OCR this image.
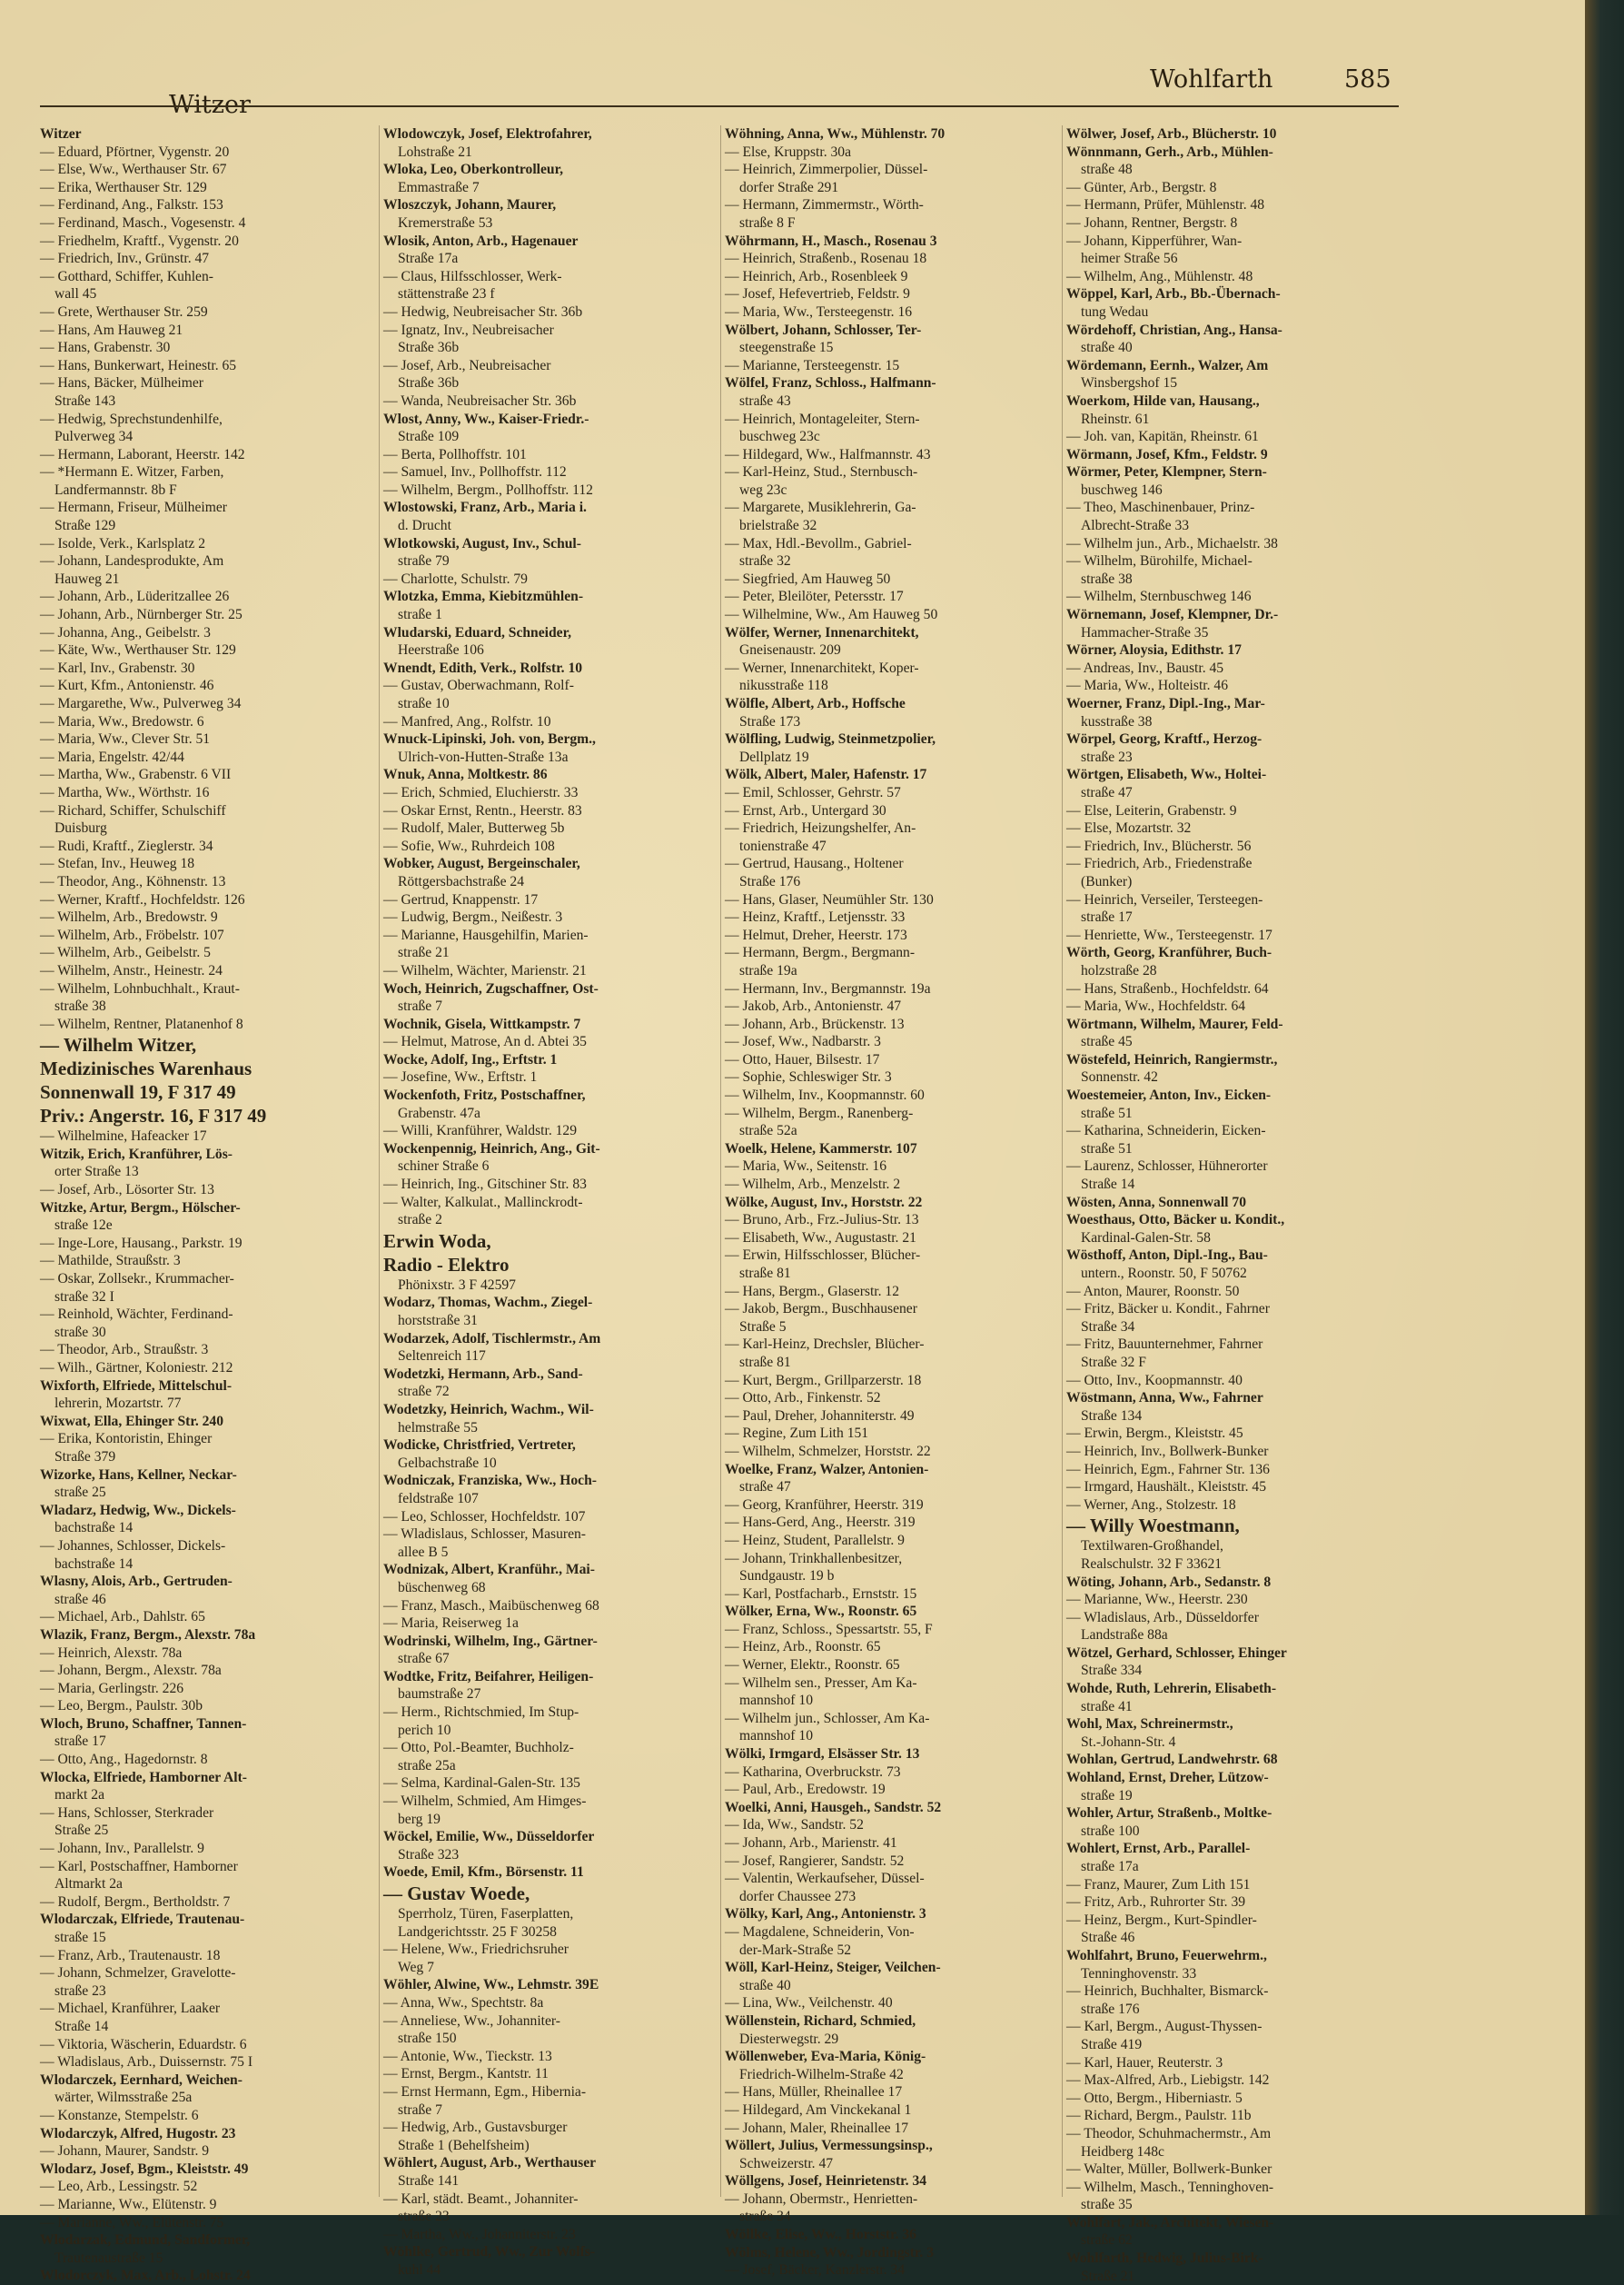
Witzer
Wohlfarth	585
Witzer
— Eduard, Pförtner, Vygenstr. 20
— Else, Ww., Werthauser Str. 67
— Erika, Werthauser Str. 129
— Ferdinand, Ang., Falkstr. 153
— Ferdinand, Masch., Vogesenstr. 4
— Friedhelm, Kraftf., Vygenstr. 20
— Friedrich, Inv., Grünstr. 47
— Gotthard, Schiffer, Kuhlen-
wall 45
— Grete, Werthauser Str. 259
— Hans, Am Hauweg 21
— Hans, Grabenstr. 30
— Hans, Bunkerwart, Heinestr. 65
— Hans, Bäcker, Mülheimer
Straße 143
— Hedwig, Sprechstundenhilfe,
Pulverweg 34
— Hermann, Laborant, Heerstr. 142
— *Hermann E. Witzer, Farben,
Landfermannstr. 8b F
— Hermann, Friseur, Mülheimer
Straße 129
— Isolde, Verk., Karlsplatz 2
— Johann, Landesprodukte, Am
Hauweg 21
— Johann, Arb., Lüderitzallee 26
— Johann, Arb., Nürnberger Str. 25
— Johanna, Ang., Geibelstr. 3
— Käte, Ww., Werthauser Str. 129
— Karl, Inv., Grabenstr. 30
— Kurt, Kfm., Antonienstr. 46
— Margarethe, Ww., Pulverweg 34
— Maria, Ww., Bredowstr. 6
— Maria, Ww., Clever Str. 51
— Maria, Engelstr. 42/44
— Martha, Ww., Grabenstr. 6 VII
— Martha, Ww., Wörthstr. 16
— Richard, Schiffer, Schulschiff
Duisburg
— Rudi, Kraftf., Zieglerstr. 34
— Stefan, Inv., Heuweg 18
— Theodor, Ang., Köhnenstr. 13
— Werner, Kraftf., Hochfeldstr. 126
— Wilhelm, Arb., Bredowstr. 9
— Wilhelm, Arb., Fröbelstr. 107
— Wilhelm, Arb., Geibelstr. 5
— Wilhelm, Anstr., Heinestr. 24
— Wilhelm, Lohnbuchhalt., Kraut-
straße 38
— Wilhelm, Rentner, Platanenhof 8
— Wilhelm Witzer,
Medizinisches Warenhaus
Sonnenwall 19, F 317 49
Priv.: Angerstr. 16, F 317 49
— Wilhelmine, Hafeacker 17
Witzik, Erich, Kranführer, Lös-
orter Straße 13
— Josef, Arb., Lösorter Str. 13
Witzke, Artur, Bergm., Hölscher-
straße 12e
— Inge-Lore, Hausang., Parkstr. 19
— Mathilde, Straußstr. 3
— Oskar, Zollsekr., Krummacher-
straße 32 I
— Reinhold, Wächter, Ferdinand-
straße 30
— Theodor, Arb., Straußstr. 3
— Wilh., Gärtner, Koloniestr. 212
Wixforth, Elfriede, Mittelschul-
lehrerin, Mozartstr. 77
Wixwat, Ella, Ehinger Str. 240
— Erika, Kontoristin, Ehinger
Straße 379
Wizorke, Hans, Kellner, Neckar-
straße 25
Wladarz, Hedwig, Ww., Dickels-
bachstraße 14
— Johannes, Schlosser, Dickels-
bachstraße 14
Wlasny, Alois, Arb., Gertruden-
straße 46
— Michael, Arb., Dahlstr. 65
Wlazik, Franz, Bergm., Alexstr. 78a
— Heinrich, Alexstr. 78a
— Johann, Bergm., Alexstr. 78a
— Maria, Gerlingstr. 226
— Leo, Bergm., Paulstr. 30b
Wloch, Bruno, Schaffner, Tannen-
straße 17
— Otto, Ang., Hagedornstr. 8
Wlocka, Elfriede, Hamborner Alt-
markt 2a
— Hans, Schlosser, Sterkrader
Straße 25
— Johann, Inv., Parallelstr. 9
— Karl, Postschaffner, Hamborner
Altmarkt 2a
— Rudolf, Bergm., Bertholdstr. 7
Wlodarczak, Elfriede, Trautenau-
straße 15
— Franz, Arb., Trautenaustr. 18
— Johann, Schmelzer, Gravelotte-
straße 23
— Michael, Kranführer, Laaker
Straße 14
— Viktoria, Wäscherin, Eduardstr. 6
— Wladislaus, Arb., Duissernstr. 75 I
Wlodarczek, Eernhard, Weichen-
wärter, Wilmsstraße 25a
— Konstanze, Stempelstr. 6
Wlodarczyk, Alfred, Hugostr. 23
— Johann, Maurer, Sandstr. 9
Wlodarz, Josef, Bgm., Kleiststr. 49
— Leo, Arb., Lessingstr. 52
— Marianne, Ww., Elütenstr. 9
— Marianne, Ww., Elütenstr. 75
Wlodarzak, Edmund, Sandformer,
Trautenaustraße 15
Wlodorczyk, Max, Arb., Lohstr. 24
Wlodowczyk, Josef, Elektrofahrer,
Lohstraße 21
Wloka, Leo, Oberkontrolleur,
Emmastraße 7
Wloszczyk, Johann, Maurer,
Kremerstraße 53
Wlosik, Anton, Arb., Hagenauer
Straße 17a
— Claus, Hilfsschlosser, Werk-
stättenstraße 23 f
— Hedwig, Neubreisacher Str. 36b
— Ignatz, Inv., Neubreisacher
Straße 36b
— Josef, Arb., Neubreisacher
Straße 36b
— Wanda, Neubreisacher Str. 36b
Wlost, Anny, Ww., Kaiser-Friedr.-
Straße 109
— Berta, Pollhoffstr. 101
— Samuel, Inv., Pollhoffstr. 112
— Wilhelm, Bergm., Pollhoffstr. 112
Wlostowski, Franz, Arb., Maria i.
d. Drucht
Wlotkowski, August, Inv., Schul-
straße 79
— Charlotte, Schulstr. 79
Wlotzka, Emma, Kiebitzmühlen-
straße 1
Wludarski, Eduard, Schneider,
Heerstraße 106
Wnendt, Edith, Verk., Rolfstr. 10
— Gustav, Oberwachmann, Rolf-
straße 10
— Manfred, Ang., Rolfstr. 10
Wnuck-Lipinski, Joh. von, Bergm.,
Ulrich-von-Hutten-Straße 13a
Wnuk, Anna, Moltkestr. 86
— Erich, Schmied, Eluchierstr. 33
— Oskar Ernst, Rentn., Heerstr. 83
— Rudolf, Maler, Butterweg 5b
— Sofie, Ww., Ruhrdeich 108
Wobker, August, Bergeinschaler,
Röttgersbachstraße 24
— Gertrud, Knappenstr. 17
— Ludwig, Bergm., Neißestr. 3
— Marianne, Hausgehilfin, Marien-
straße 21
— Wilhelm, Wächter, Marienstr. 21
Woch, Heinrich, Zugschaffner, Ost-
straße 7
Wochnik, Gisela, Wittkampstr. 7
— Helmut, Matrose, An d. Abtei 35
Wocke, Adolf, Ing., Erftstr. 1
— Josefine, Ww., Erftstr. 1
Wockenfoth, Fritz, Postschaffner,
Grabenstr. 47a
— Willi, Kranführer, Waldstr. 129
Wockenpennig, Heinrich, Ang., Git-
schiner Straße 6
— Heinrich, Ing., Gitschiner Str. 83
— Walter, Kalkulat., Mallinckrodt-
straße 2
Erwin Woda,
Radio - Elektro
Phönixstr. 3 F 42597
Wodarz, Thomas, Wachm., Ziegel-
horststraße 31
Wodarzek, Adolf, Tischlermstr., Am
Seltenreich 117
Wodetzki, Hermann, Arb., Sand-
straße 72
Wodetzky, Heinrich, Wachm., Wil-
helmstraße 55
Wodicke, Christfried, Vertreter,
Gelbachstraße 10
Wodniczak, Franziska, Ww., Hoch-
feldstraße 107
— Leo, Schlosser, Hochfeldstr. 107
— Wladislaus, Schlosser, Masuren-
allee B 5
Wodnizak, Albert, Kranführ., Mai-
büschenweg 68
— Franz, Masch., Maibüschenweg 68
— Maria, Reiserweg 1a
Wodrinski, Wilhelm, Ing., Gärtner-
straße 67
Wodtke, Fritz, Beifahrer, Heiligen-
baumstraße 27
— Herm., Richtschmied, Im Stup-
perich 10
— Otto, Pol.-Beamter, Buchholz-
straße 25a
— Selma, Kardinal-Galen-Str. 135
— Wilhelm, Schmied, Am Himges-
berg 19
Wöckel, Emilie, Ww., Düsseldorfer
Straße 323
Woede, Emil, Kfm., Börsenstr. 11
— Gustav Woede,
Sperrholz, Türen, Faserplatten,
Landgerichtsstr. 25 F 30258
— Helene, Ww., Friedrichsruher
Weg 7
Wöhler, Alwine, Ww., Lehmstr. 39E
— Anna, Ww., Spechtstr. 8a
— Anneliese, Ww., Johanniter-
straße 150
— Antonie, Ww., Tieckstr. 13
— Ernst, Bergm., Kantstr. 11
— Ernst Hermann, Egm., Hibernia-
straße 7
— Hedwig, Arb., Gustavsburger
Straße 1 (Behelfsheim)
Wöhlert, August, Arb., Werthauser
Straße 141
— Karl, städt. Beamt., Johanniter-
straße 23
— Martha, Ww., Johanniterstr. 23
Wöhlke, Gertrud, Ww., Zur Wolfs-
kuhl 44
Wöhning, Anna, Ww., Mühlenstr. 70
— Else, Kruppstr. 30a
— Heinrich, Zimmerpolier, Düssel-
dorfer Straße 291
— Hermann, Zimmermstr., Wörth-
straße 8 F
Wöhrmann, H., Masch., Rosenau 3
— Heinrich, Straßenb., Rosenau 18
— Heinrich, Arb., Rosenbleek 9
— Josef, Hefevertrieb, Feldstr. 9
— Maria, Ww., Tersteegenstr. 16
Wölbert, Johann, Schlosser, Ter-
steegenstraße 15
— Marianne, Tersteegenstr. 15
Wölfel, Franz, Schloss., Halfmann-
straße 43
— Heinrich, Montageleiter, Stern-
buschweg 23c
— Hildegard, Ww., Halfmannstr. 43
— Karl-Heinz, Stud., Sternbusch-
weg 23c
— Margarete, Musiklehrerin, Ga-
brielstraße 32
— Max, Hdl.-Bevollm., Gabriel-
straße 32
— Siegfried, Am Hauweg 50
— Peter, Bleilöter, Petersstr. 17
— Wilhelmine, Ww., Am Hauweg 50
Wölfer, Werner, Innenarchitekt,
Gneisenaustr. 209
— Werner, Innenarchitekt, Koper-
nikusstraße 118
Wölfle, Albert, Arb., Hoffsche
Straße 173
Wölfling, Ludwig, Steinmetzpolier,
Dellplatz 19
Wölk, Albert, Maler, Hafenstr. 17
— Emil, Schlosser, Gehrstr. 57
— Ernst, Arb., Untergard 30
— Friedrich, Heizungshelfer, An-
tonienstraße 47
— Gertrud, Hausang., Holtener
Straße 176
— Hans, Glaser, Neumühler Str. 130
— Heinz, Kraftf., Letjensstr. 33
— Helmut, Dreher, Heerstr. 173
— Hermann, Bergm., Bergmann-
straße 19a
— Hermann, Inv., Bergmannstr. 19a
— Jakob, Arb., Antonienstr. 47
— Johann, Arb., Brückenstr. 13
— Josef, Ww., Nadbarstr. 3
— Otto, Hauer, Bilsestr. 17
— Sophie, Schleswiger Str. 3
— Wilhelm, Inv., Koopmannstr. 60
— Wilhelm, Bergm., Ranenberg-
straße 52a
Woelk, Helene, Kammerstr. 107
— Maria, Ww., Seitenstr. 16
— Wilhelm, Arb., Menzelstr. 2
Wölke, August, Inv., Horststr. 22
— Bruno, Arb., Frz.-Julius-Str. 13
— Elisabeth, Ww., Augustastr. 21
— Erwin, Hilfsschlosser, Blücher-
straße 81
— Hans, Bergm., Glaserstr. 12
— Jakob, Bergm., Buschhausener
Straße 5
— Karl-Heinz, Drechsler, Blücher-
straße 81
— Kurt, Bergm., Grillparzerstr. 18
— Otto, Arb., Finkenstr. 52
— Paul, Dreher, Johanniterstr. 49
— Regine, Zum Lith 151
— Wilhelm, Schmelzer, Horststr. 22
Woelke, Franz, Walzer, Antonien-
straße 47
— Georg, Kranführer, Heerstr. 319
— Hans-Gerd, Ang., Heerstr. 319
— Heinz, Student, Parallelstr. 9
— Johann, Trinkhallenbesitzer,
Sundgaustr. 19 b
— Karl, Postfacharb., Ernststr. 15
Wölker, Erna, Ww., Roonstr. 65
— Franz, Schloss., Spessartstr. 55, F
— Heinz, Arb., Roonstr. 65
— Werner, Elektr., Roonstr. 65
— Wilhelm sen., Presser, Am Ka-
mannshof 10
— Wilhelm jun., Schlosser, Am Ka-
mannshof 10
Wölki, Irmgard, Elsässer Str. 13
— Katharina, Overbruckstr. 73
— Paul, Arb., Eredowstr. 19
Woelki, Anni, Hausgeh., Sandstr. 52
— Ida, Ww., Sandstr. 52
— Johann, Arb., Marienstr. 41
— Josef, Rangierer, Sandstr. 52
— Valentin, Werkaufseher, Düssel-
dorfer Chaussee 273
Wölky, Karl, Ang., Antonienstr. 3
— Magdalene, Schneiderin, Von-
der-Mark-Straße 52
Wöll, Karl-Heinz, Steiger, Veilchen-
straße 40
— Lina, Ww., Veilchenstr. 40
Wöllenstein, Richard, Schmied,
Diesterwegstr. 29
Wöllenweber, Eva-Maria, König-
Friedrich-Wilhelm-Straße 42
— Hans, Müller, Rheinallee 17
— Hildegard, Am Vinckekanal 1
— Johann, Maler, Rheinallee 17
Wöllert, Julius, Vermessungsinsp.,
Schweizerstr. 47
Wöllgens, Josef, Heinrietenstr. 34
— Johann, Obermstr., Henrietten-
straße 34
Wöllke, Elise, Ww., Horststr. 36
Wölms, Helene, Ww., Jordingstr. 3
— Josef, Bäcker, Kanzlerstr. 34
Wölwer, Josef, Arb., Blücherstr. 10
Wönnmann, Gerh., Arb., Mühlen-
straße 48
— Günter, Arb., Bergstr. 8
— Hermann, Prüfer, Mühlenstr. 48
— Johann, Rentner, Bergstr. 8
— Johann, Kipperführer, Wan-
heimer Straße 56
— Wilhelm, Ang., Mühlenstr. 48
Wöppel, Karl, Arb., Bb.-Übernach-
tung Wedau
Wördehoff, Christian, Ang., Hansa-
straße 40
Wördemann, Eernh., Walzer, Am
Winsbergshof 15
Woerkom, Hilde van, Hausang.,
Rheinstr. 61
— Joh. van, Kapitän, Rheinstr. 61
Wörmann, Josef, Kfm., Feldstr. 9
Wörmer, Peter, Klempner, Stern-
buschweg 146
— Theo, Maschinenbauer, Prinz-
Albrecht-Straße 33
— Wilhelm jun., Arb., Michaelstr. 38
— Wilhelm, Bürohilfe, Michael-
straße 38
— Wilhelm, Sternbuschweg 146
Wörnemann, Josef, Klempner, Dr.-
Hammacher-Straße 35
Wörner, Aloysia, Edithstr. 17
— Andreas, Inv., Baustr. 45
— Maria, Ww., Holteistr. 46
Woerner, Franz, Dipl.-Ing., Mar-
kusstraße 38
Wörpel, Georg, Kraftf., Herzog-
straße 23
Wörtgen, Elisabeth, Ww., Holtei-
straße 47
— Else, Leiterin, Grabenstr. 9
— Else, Mozartstr. 32
— Friedrich, Inv., Blücherstr. 56
— Friedrich, Arb., Friedenstraße
(Bunker)
— Heinrich, Verseiler, Tersteegen-
straße 17
— Henriette, Ww., Tersteegenstr. 17
Wörth, Georg, Kranführer, Buch-
holzstraße 28
— Hans, Straßenb., Hochfeldstr. 64
— Maria, Ww., Hochfeldstr. 64
Wörtmann, Wilhelm, Maurer, Feld-
straße 45
Wöstefeld, Heinrich, Rangiermstr.,
Sonnenstr. 42
Woestemeier, Anton, Inv., Eicken-
straße 51
— Katharina, Schneiderin, Eicken-
straße 51
— Laurenz, Schlosser, Hühnerorter
Straße 14
Wösten, Anna, Sonnenwall 70
Woesthaus, Otto, Bäcker u. Kondit.,
Kardinal-Galen-Str. 58
Wösthoff, Anton, Dipl.-Ing., Bau-
untern., Roonstr. 50, F 50762
— Anton, Maurer, Roonstr. 50
— Fritz, Bäcker u. Kondit., Fahrner
Straße 34
— Fritz, Bauunternehmer, Fahrner
Straße 32 F
— Otto, Inv., Koopmannstr. 40
Wöstmann, Anna, Ww., Fahrner
Straße 134
— Erwin, Bergm., Kleiststr. 45
— Heinrich, Inv., Bollwerk-Bunker
— Heinrich, Egm., Fahrner Str. 136
— Irmgard, Haushält., Kleiststr. 45
— Werner, Ang., Stolzestr. 18
— Willy Woestmann,
Textilwaren-Großhandel,
Realschulstr. 32 F 33621
Wöting, Johann, Arb., Sedanstr. 8
— Marianne, Ww., Heerstr. 230
— Wladislaus, Arb., Düsseldorfer
Landstraße 88a
Wötzel, Gerhard, Schlosser, Ehinger
Straße 334
Wohde, Ruth, Lehrerin, Elisabeth-
straße 41
Wohl, Max, Schreinermstr.,
St.-Johann-Str. 4
Wohlan, Gertrud, Landwehrstr. 68
Wohland, Ernst, Dreher, Lützow-
straße 19
Wohler, Artur, Straßenb., Moltke-
straße 100
Wohlert, Ernst, Arb., Parallel-
straße 17a
— Franz, Maurer, Zum Lith 151
— Fritz, Arb., Ruhrorter Str. 39
— Heinz, Bergm., Kurt-Spindler-
Straße 46
Wohlfahrt, Bruno, Feuerwehrm.,
Tenninghovenstr. 33
— Heinrich, Buchhalter, Bismarck-
straße 176
— Karl, Bergm., August-Thyssen-
Straße 419
— Karl, Hauer, Reuterstr. 3
— Max-Alfred, Arb., Liebigstr. 142
— Otto, Bergm., Hiberniastr. 5
— Richard, Bergm., Paulstr. 11b
— Theodor, Schuhmachermstr., Am
Heidberg 148c
— Walter, Müller, Bollwerk-Bunker
— Wilhelm, Masch., Tenninghoven-
straße 35
Wohlfart, Jak., Architekt, Wiesen-
straße 62
Wohlfarth, Hedwig, Julius-Birk-
Straße 21
